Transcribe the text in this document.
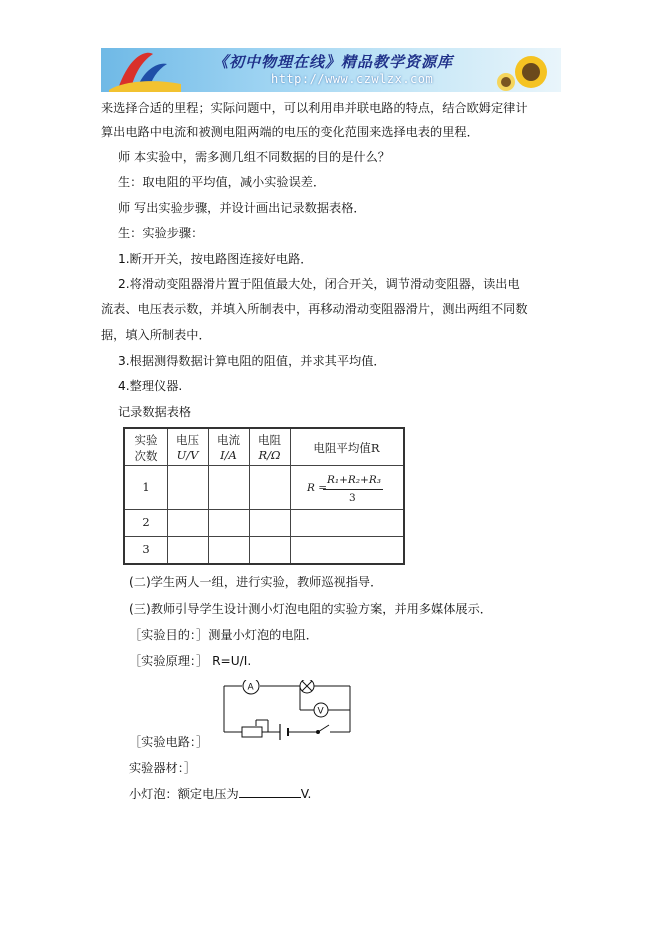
《初中物理在线》精品教学资源库
http://www.czwlzx.com
来选择合适的里程；实际问题中，可以利用串并联电路的特点，结合欧姆定律计
算出电路中电流和被测电阻两端的电压的变化范围来选择电表的里程．
师 本实验中，需多测几组不同数据的目的是什么？
生：取电阻的平均值，减小实验误差．
师 写出实验步骤，并设计画出记录数据表格．
生：实验步骤：
1.断开开关，按电路图连接好电路．
2.将滑动变阻器滑片置于阻值最大处，闭合开关，调节滑动变阻器，读出电
流表、电压表示数，并填入所制表中，再移动滑动变阻器滑片，测出两组不同数
据，填入所制表中．
3.根据测得数据计算电阻的阻值，并求其平均值．
4.整理仪器.
记录数据表格
实验
次数
电压
U/V
电流
I/A
电阻
R/Ω	电阻平均值R
1
2
3
R =
R₁+R₂+R₃
3
(二)学生两人一组，进行实验，教师巡视指导．
(三)教师引导学生设计测小灯泡电阻的实验方案，并用多媒体展示．
［实验目的：］测量小灯泡的电阻．
［实验原理：］ R=U/I.
A
V
［实验电路：］
实验器材：］
小灯泡：额定电压为	V.
